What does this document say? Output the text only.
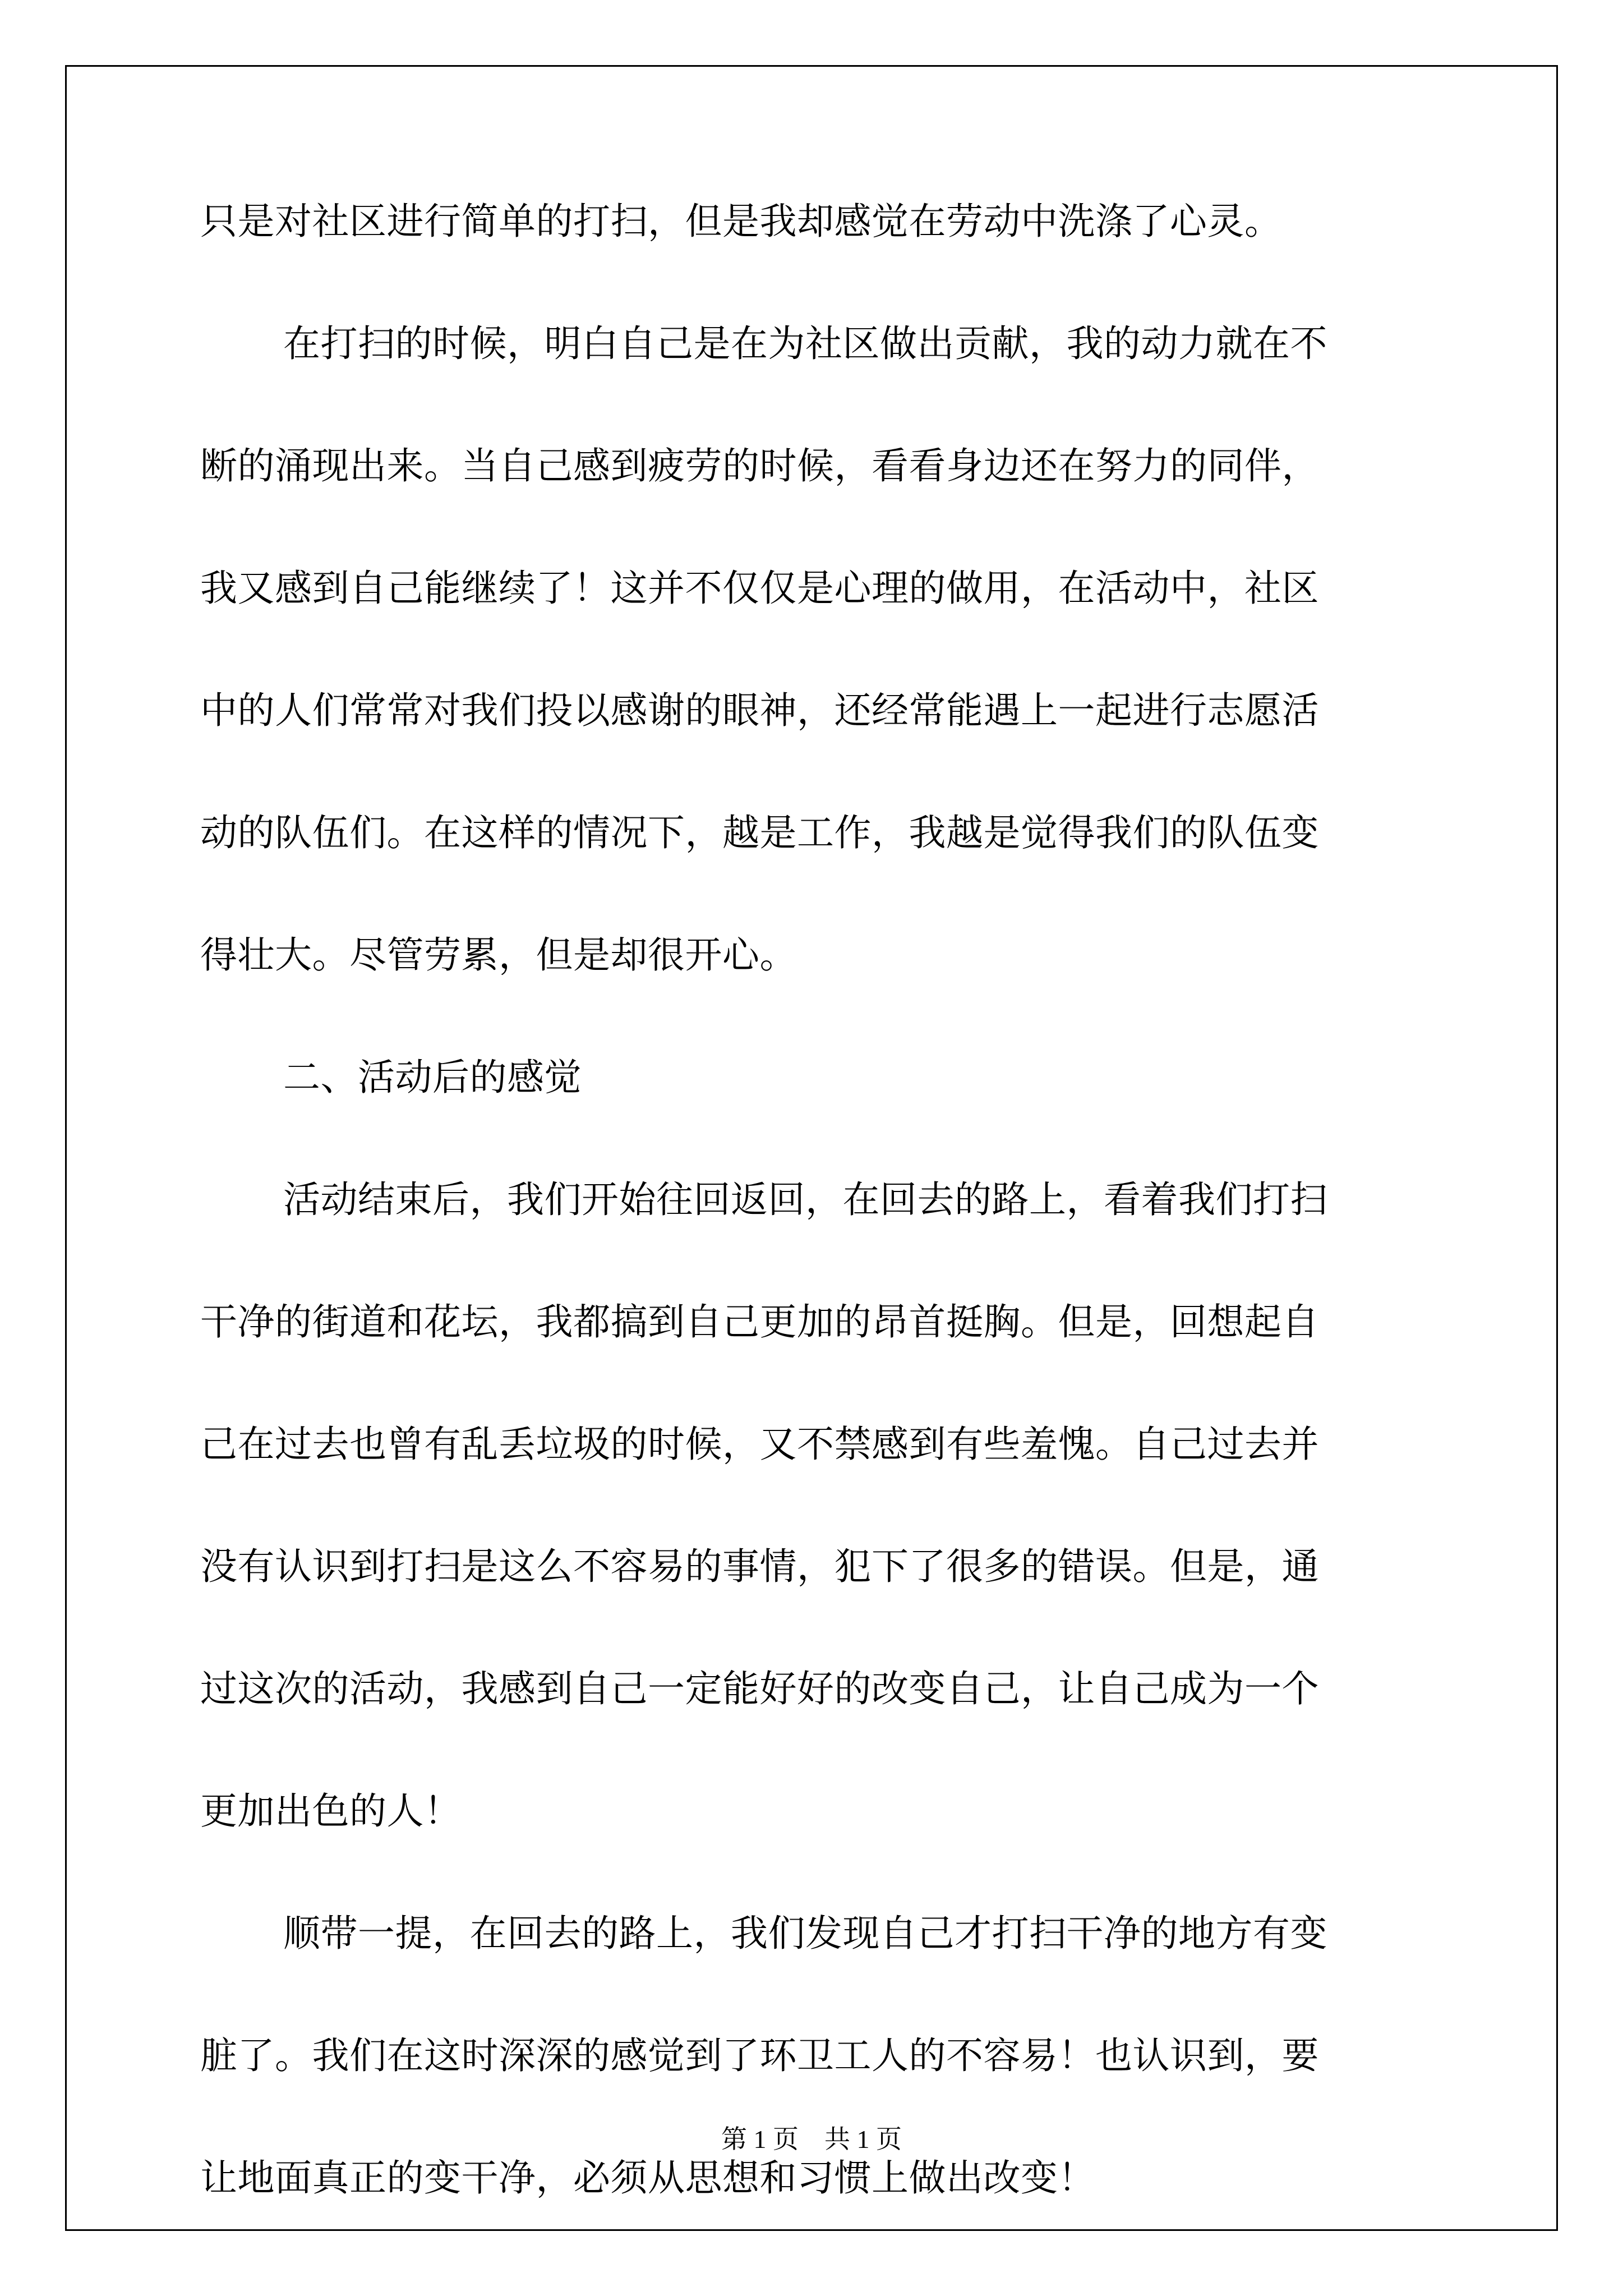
只是对社区进行简单的打扫，但是我却感觉在劳动中洗涤了心灵。
在打扫的时候，明白自己是在为社区做出贡献，我的动力就在不
断的涌现出来。当自己感到疲劳的时候，看看身边还在努力的同伴，
我又感到自己能继续了！这并不仅仅是心理的做用，在活动中，社区
中的人们常常对我们投以感谢的眼神，还经常能遇上一起进行志愿活
动的队伍们。在这样的情况下，越是工作，我越是觉得我们的队伍变
得壮大。尽管劳累，但是却很开心。
二、活动后的感觉
活动结束后，我们开始往回返回，在回去的路上，看着我们打扫
干净的街道和花坛，我都搞到自己更加的昂首挺胸。但是，回想起自
己在过去也曾有乱丢垃圾的时候，又不禁感到有些羞愧。自己过去并
没有认识到打扫是这么不容易的事情，犯下了很多的错误。但是，通
过这次的活动，我感到自己一定能好好的改变自己，让自己成为一个
更加出色的人！
顺带一提，在回去的路上，我们发现自己才打扫干净的地方有变
脏了。我们在这时深深的感觉到了环卫工人的不容易！也认识到，要
让地面真正的变干净，必须从思想和习惯上做出改变！
第 1 页    共 1 页
